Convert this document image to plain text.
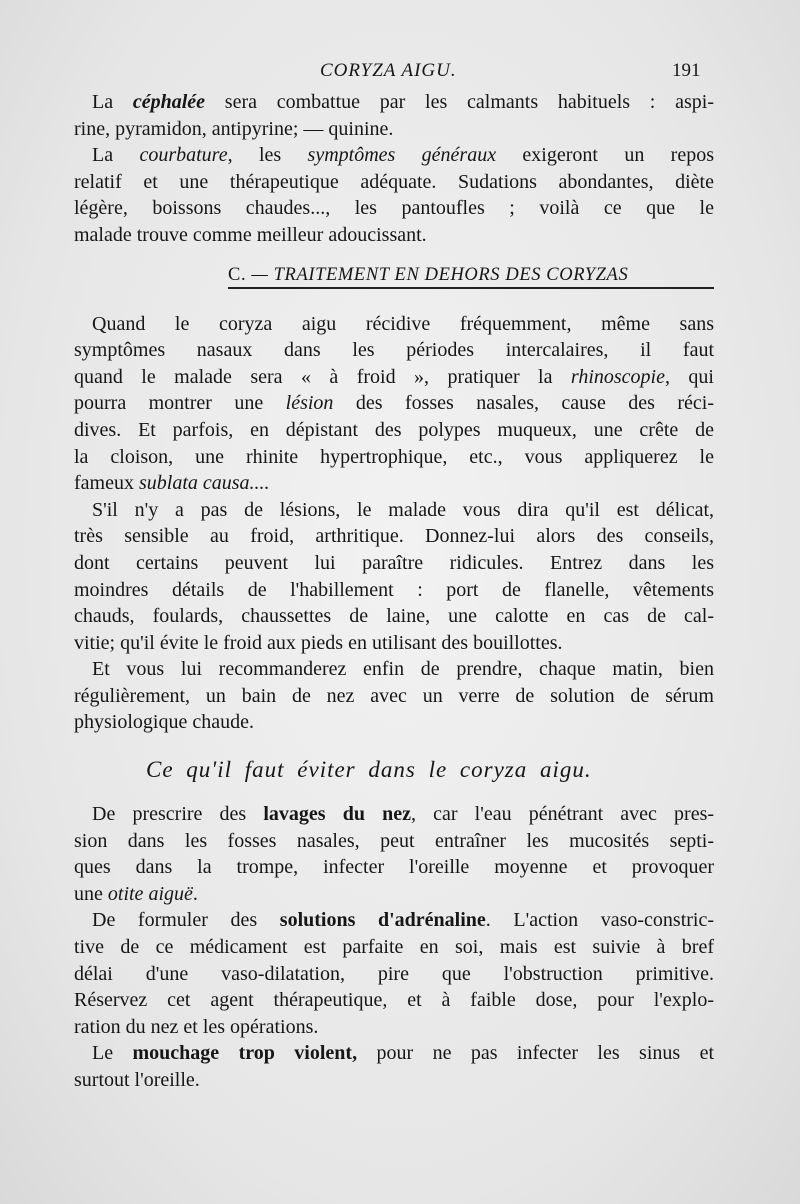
CORYZA AIGU.	191

La céphalée sera combattue par les calmants habituels : aspi-
rine, pyramidon, antipyrine; — quinine.

La courbature, les symptômes généraux exigeront un repos
relatif et une thérapeutique adéquate. Sudations abondantes, diète
légère, boissons chaudes..., les pantoufles ; voilà ce que le
malade trouve comme meilleur adoucissant.

C. — TRAITEMENT EN DEHORS DES CORYZAS

Quand le coryza aigu récidive fréquemment, même sans
symptômes nasaux dans les périodes intercalaires, il faut
quand le malade sera « à froid », pratiquer la rhinoscopie, qui
pourra montrer une lésion des fosses nasales, cause des réci-
dives. Et parfois, en dépistant des polypes muqueux, une crête de
la cloison, une rhinite hypertrophique, etc., vous appliquerez le
fameux sublata causa....

S'il n'y a pas de lésions, le malade vous dira qu'il est délicat,
très sensible au froid, arthritique. Donnez-lui alors des conseils,
dont certains peuvent lui paraître ridicules. Entrez dans les
moindres détails de l'habillement : port de flanelle, vêtements
chauds, foulards, chaussettes de laine, une calotte en cas de cal-
vitie; qu'il évite le froid aux pieds en utilisant des bouillottes.

Et vous lui recommanderez enfin de prendre, chaque matin, bien
régulièrement, un bain de nez avec un verre de solution de sérum
physiologique chaude.

Ce qu'il faut éviter dans le coryza aigu.

De prescrire des lavages du nez, car l'eau pénétrant avec pres-
sion dans les fosses nasales, peut entraîner les mucosités septi-
ques dans la trompe, infecter l'oreille moyenne et provoquer
une otite aiguë.

De formuler des solutions d'adrénaline. L'action vaso-constric-
tive de ce médicament est parfaite en soi, mais est suivie à bref
délai d'une vaso-dilatation, pire que l'obstruction primitive.
Réservez cet agent thérapeutique, et à faible dose, pour l'explo-
ration du nez et les opérations.

Le mouchage trop violent, pour ne pas infecter les sinus et
surtout l'oreille.
